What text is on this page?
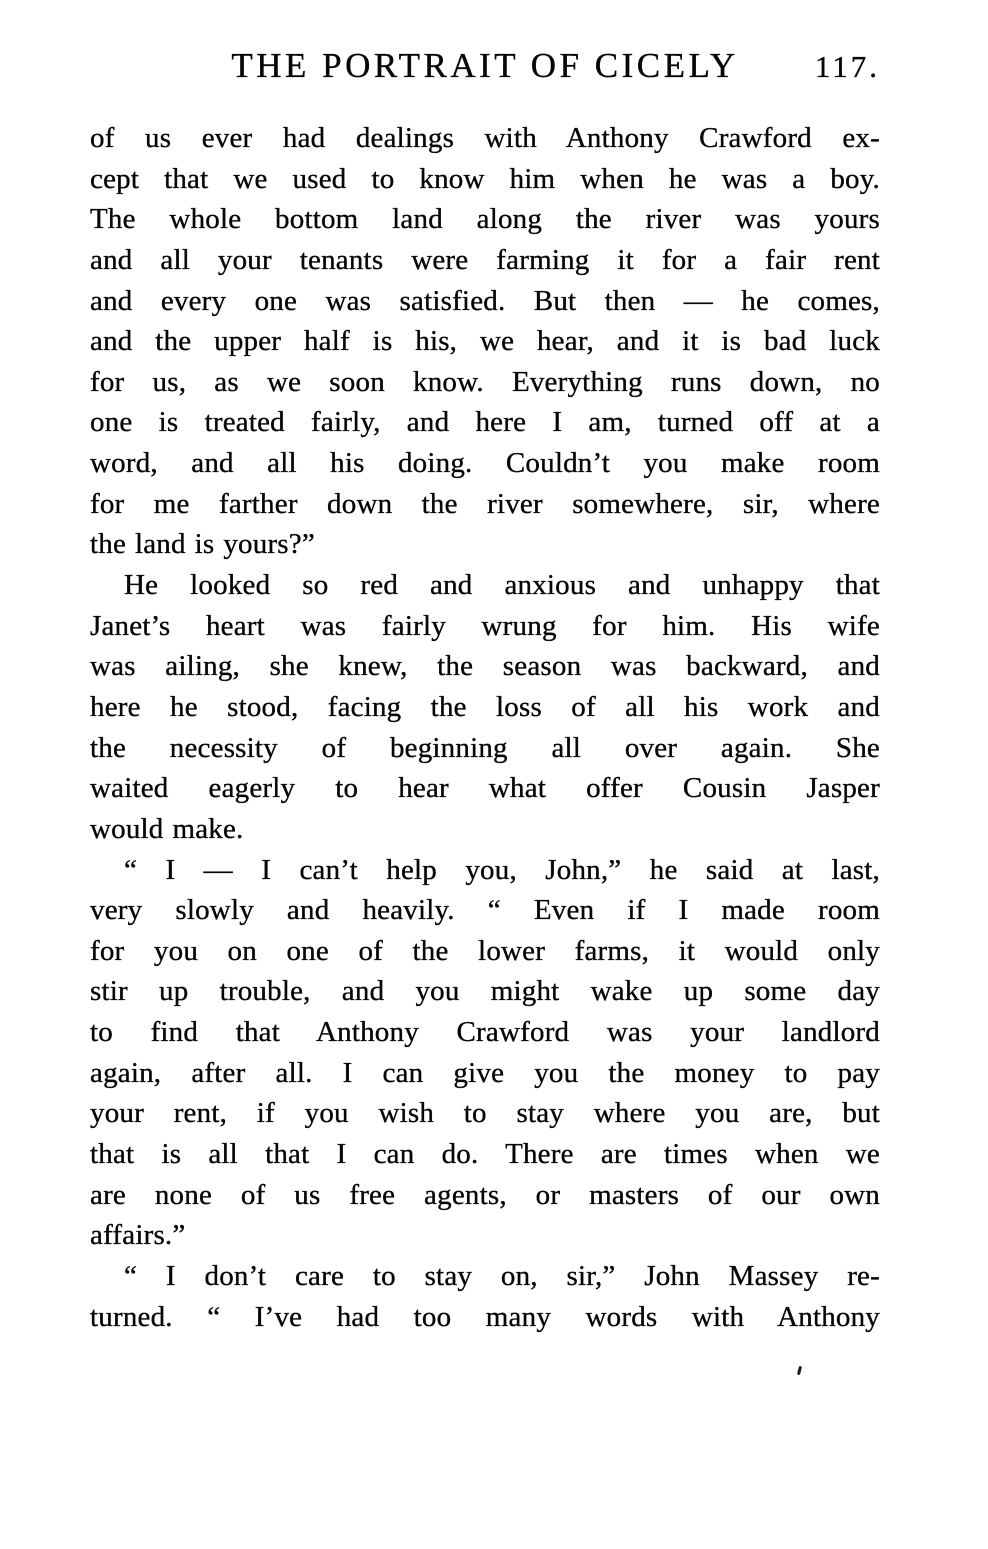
THE PORTRAIT OF CICELY 117.
of us ever had dealings with Anthony Crawford ex-
cept that we used to know him when he was a boy.
The whole bottom land along the river was yours
and all your tenants were farming it for a fair rent
and every one was satisfied. But then — he comes,
and the upper half is his, we hear, and it is bad luck
for us, as we soon know. Everything runs down, no
one is treated fairly, and here I am, turned off at a
word, and all his doing. Couldn’t you make room
for me farther down the river somewhere, sir, where
the land is yours?”
He looked so red and anxious and unhappy that
Janet’s heart was fairly wrung for him. His wife
was ailing, she knew, the season was backward, and
here he stood, facing the loss of all his work and
the necessity of beginning all over again. She
waited eagerly to hear what offer Cousin Jasper
would make.
“ I — I can’t help you, John,” he said at last,
very slowly and heavily. “ Even if I made room
for you on one of the lower farms, it would only
stir up trouble, and you might wake up some day
to find that Anthony Crawford was your landlord
again, after all. I can give you the money to pay
your rent, if you wish to stay where you are, but
that is all that I can do. There are times when we
are none of us free agents, or masters of our own
affairs.”
“ I don’t care to stay on, sir,” John Massey re-
turned. “ I’ve had too many words with Anthony
